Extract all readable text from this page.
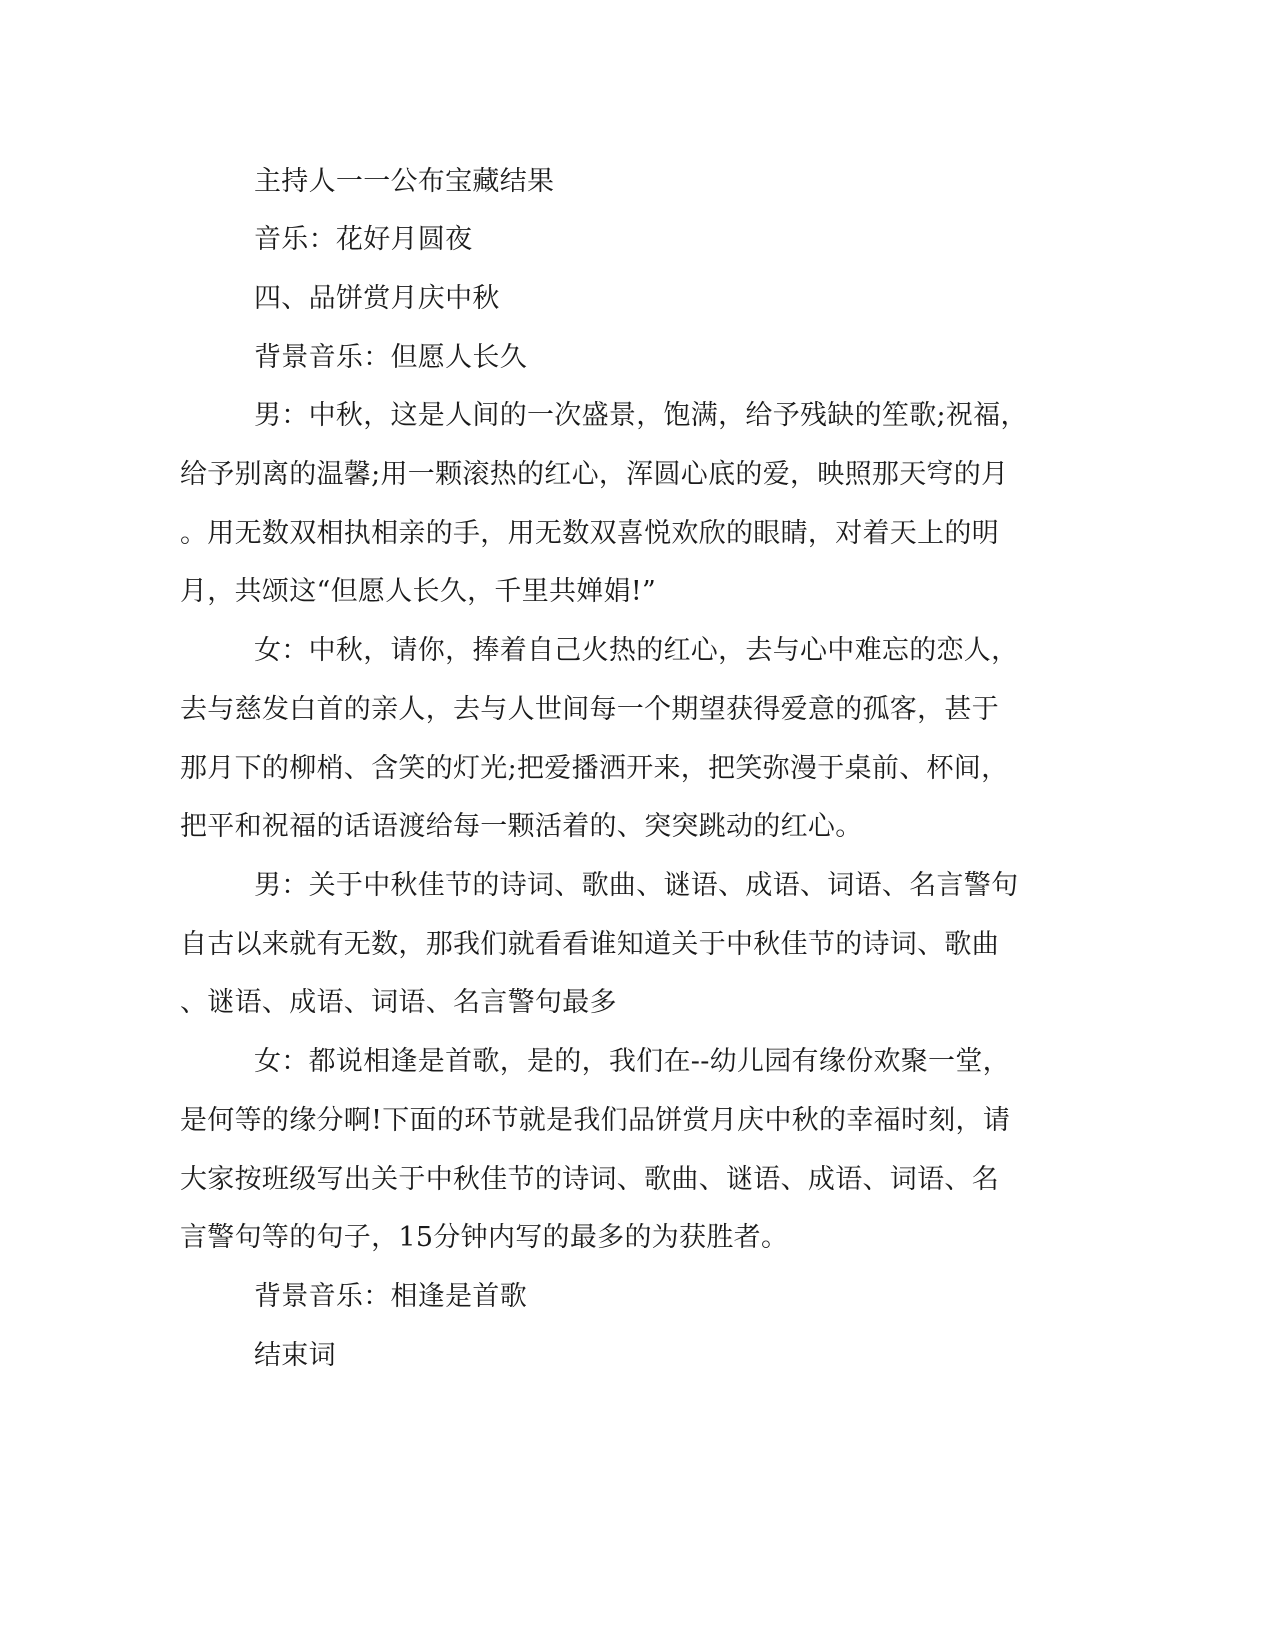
主持人一一公布宝藏结果
音乐：花好月圆夜
四、品饼赏月庆中秋
背景音乐：但愿人长久
男：中秋，这是人间的一次盛景，饱满，给予残缺的笙歌;祝福，
给予别离的温馨;用一颗滚热的红心，浑圆心底的爱，映照那天穹的月
。用无数双相执相亲的手，用无数双喜悦欢欣的眼睛，对着天上的明
月，共颂这“但愿人长久，千里共婵娟!”
女：中秋，请你，捧着自己火热的红心，去与心中难忘的恋人，
去与慈发白首的亲人，去与人世间每一个期望获得爱意的孤客，甚于
那月下的柳梢、含笑的灯光;把爱播洒开来，把笑弥漫于桌前、杯间，
把平和祝福的话语渡给每一颗活着的、突突跳动的红心。
男：关于中秋佳节的诗词、歌曲、谜语、成语、词语、名言警句
自古以来就有无数，那我们就看看谁知道关于中秋佳节的诗词、歌曲
、谜语、成语、词语、名言警句最多
女：都说相逢是首歌，是的，我们在--幼儿园有缘份欢聚一堂，
是何等的缘分啊!下面的环节就是我们品饼赏月庆中秋的幸福时刻，请
大家按班级写出关于中秋佳节的诗词、歌曲、谜语、成语、词语、名
言警句等的句子，15分钟内写的最多的为获胜者。
背景音乐：相逢是首歌
结束词
